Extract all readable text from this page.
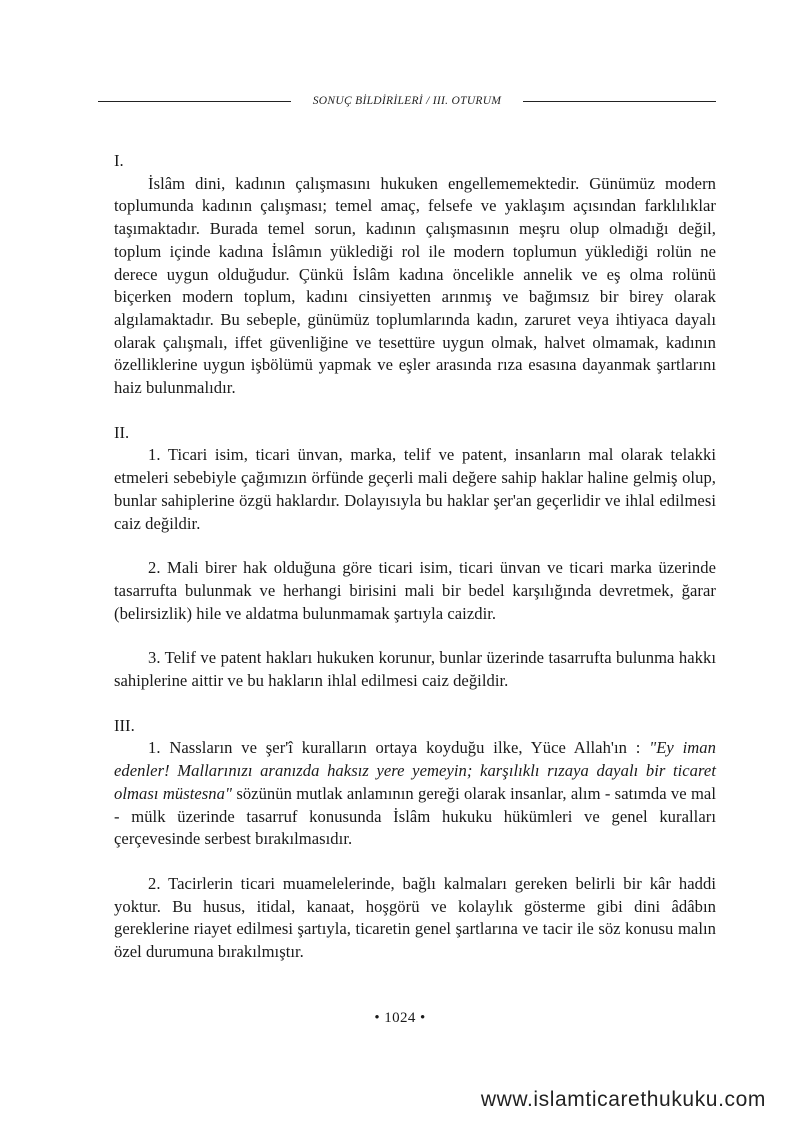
SONUÇ BİLDİRİLERİ / III. OTURUM

I.

İslâm dini, kadının çalışmasını hukuken engellememektedir. Günümüz modern toplumunda kadının çalışması; temel amaç, felsefe ve yaklaşım açısından farklılıklar taşımaktadır. Burada temel sorun, kadının çalışmasının meşru olup olmadığı değil, toplum içinde kadına İslâmın yüklediği rol ile modern toplumun yüklediği rolün ne derece uygun olduğudur. Çünkü İslâm kadına öncelikle annelik ve eş olma rolünü biçerken modern toplum, kadını cinsiyetten arınmış ve bağımsız bir birey olarak algılamaktadır. Bu sebeple, günümüz toplumlarında kadın, zaruret veya ihtiyaca dayalı olarak çalışmalı, iffet güvenliğine ve tesettüre uygun olmak, halvet olmamak, kadının özelliklerine uygun işbölümü yapmak ve eşler arasında rıza esasına dayanmak şartlarını haiz bulunmalıdır.

II.

1. Ticari isim, ticari ünvan, marka, telif ve patent, insanların mal olarak telakki etmeleri sebebiyle çağımızın örfünde geçerli mali değere sahip haklar haline gelmiş olup, bunlar sahiplerine özgü haklardır. Dolayısıyla bu haklar şer'an geçerlidir ve ihlal edilmesi caiz değildir.

2. Mali birer hak olduğuna göre ticari isim, ticari ünvan ve ticari marka üzerinde tasarrufta bulunmak ve herhangi birisini mali bir bedel karşılığında devretmek, ğarar (belirsizlik) hile ve aldatma bulunmamak şartıyla caizdir.

3. Telif ve patent hakları hukuken korunur, bunlar üzerinde tasarrufta bulunma hakkı sahiplerine aittir ve bu hakların ihlal edilmesi caiz değildir.

III.

1. Nassların ve şer'î kuralların ortaya koyduğu ilke, Yüce Allah'ın : "Ey iman edenler! Mallarınızı aranızda haksız yere yemeyin; karşılıklı rızaya dayalı bir ticaret olması müstesna" sözünün mutlak anlamının gereği olarak insanlar, alım - satımda ve mal - mülk üzerinde tasarruf konusunda İslâm hukuku hükümleri ve genel kuralları çerçevesinde serbest bırakılmasıdır.

2. Tacirlerin ticari muamelelerinde, bağlı kalmaları gereken belirli bir kâr haddi yoktur. Bu husus, itidal, kanaat, hoşgörü ve kolaylık gösterme gibi dini âdâbın gereklerine riayet edilmesi şartıyla, ticaretin genel şartlarına ve tacir ile söz konusu malın özel durumuna bırakılmıştır.

• 1024 •
www.islamticarethukuku.com
